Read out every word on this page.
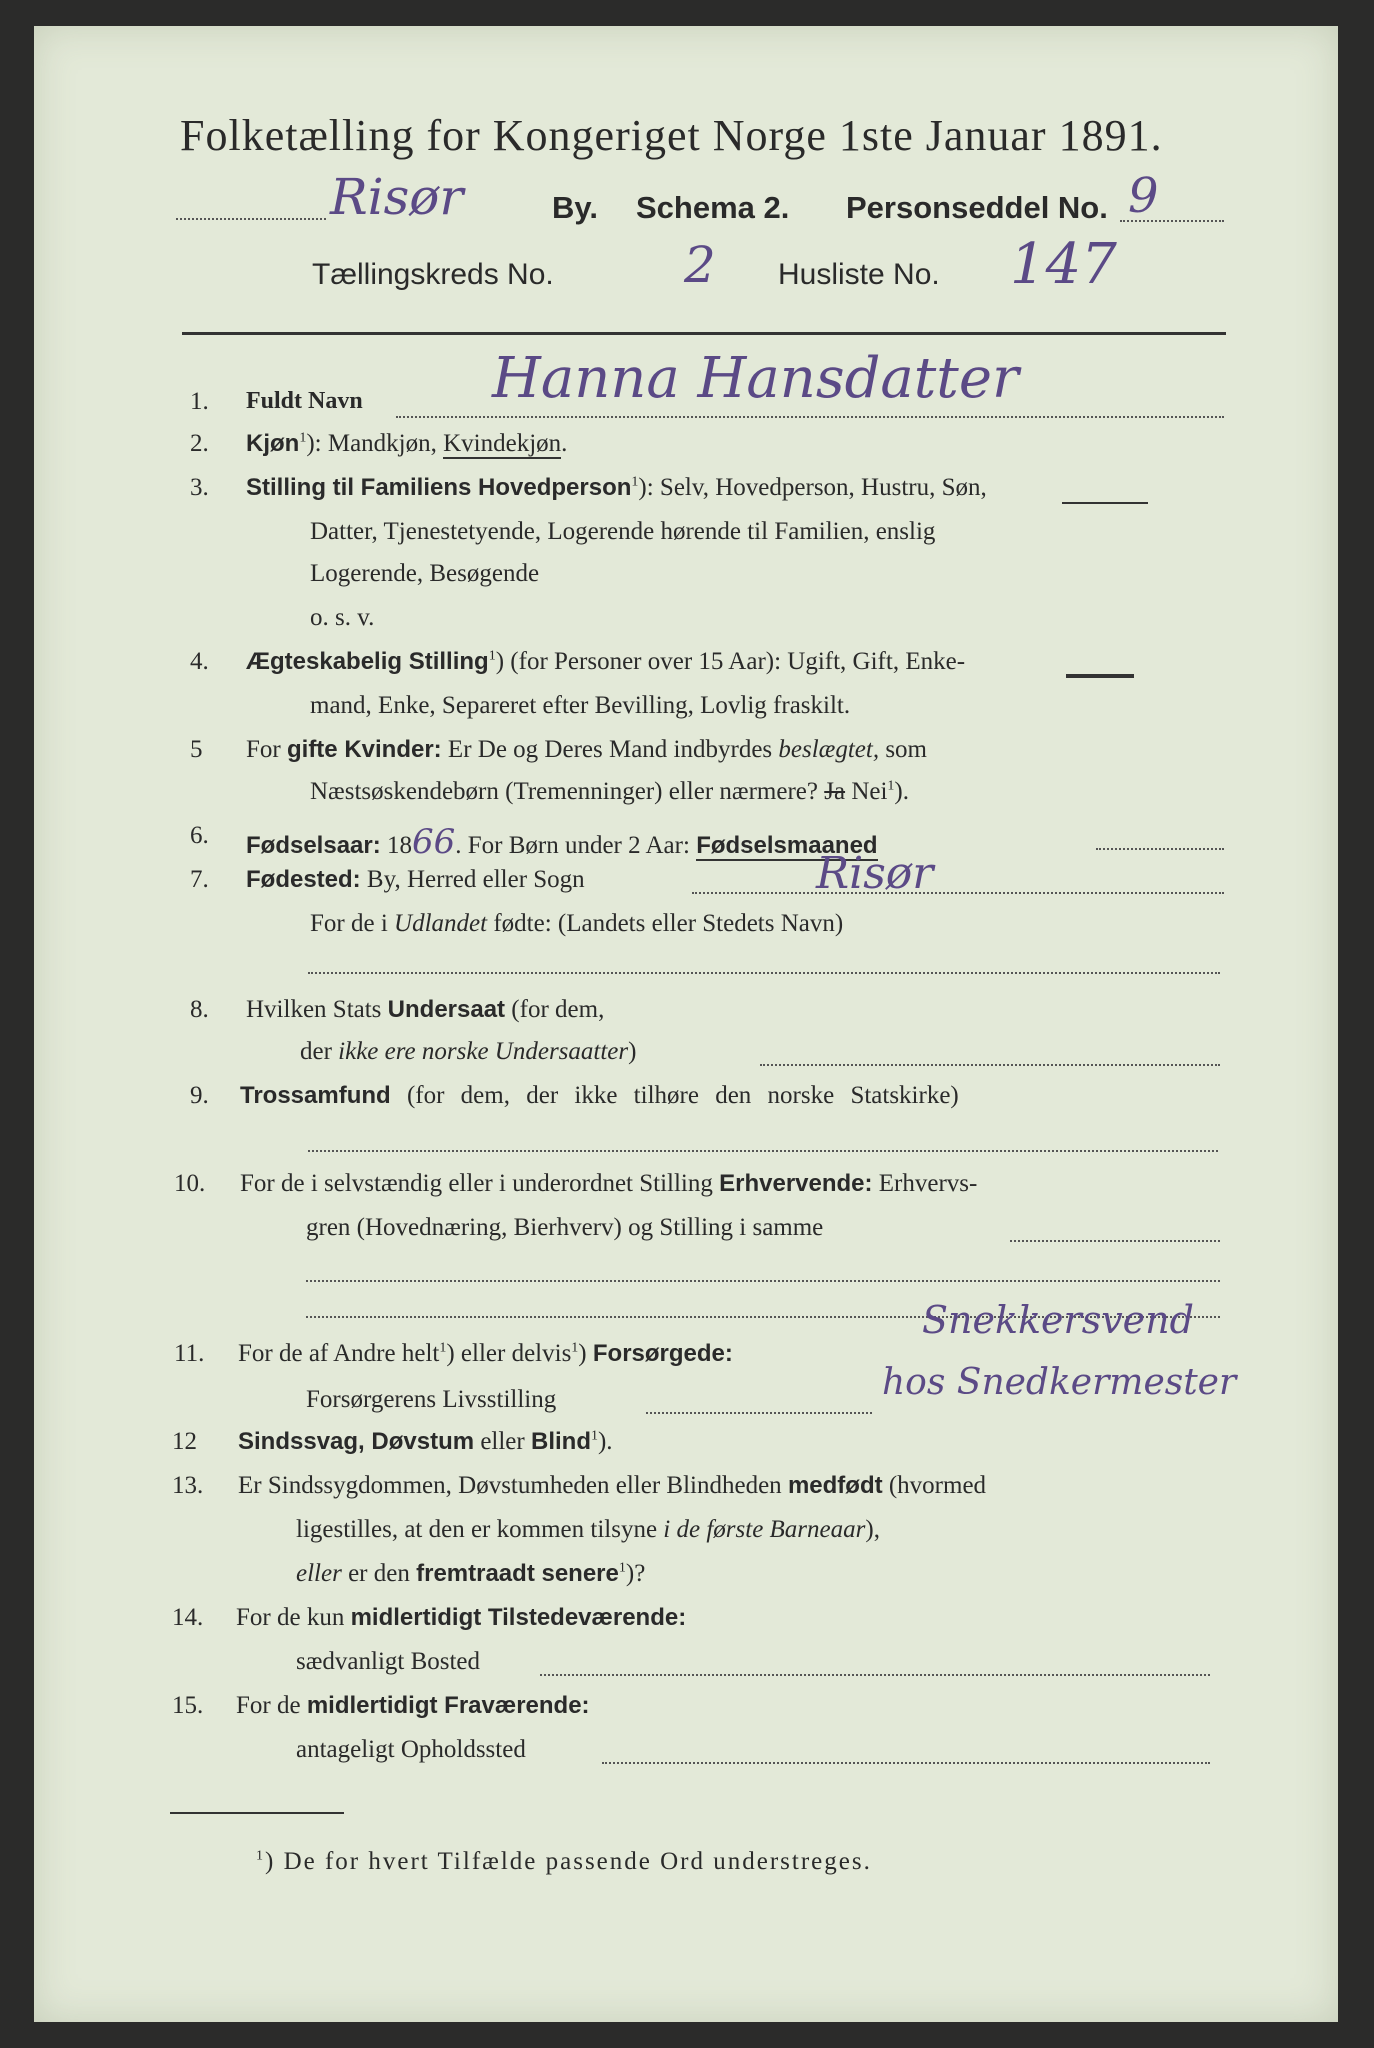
Folketælling for Kongeriget Norge 1ste Januar 1891.
Risør	By. Schema 2. Personseddel No. 9
Tællingskreds No.	2 Husliste No. 147
1. Fuldt Navn Hanna Hansdatter
2. Kjøn$^1$): Mandkjøn, Kvindekjøn.
3. Stilling til Familiens Hovedperson$^1$): Selv, Hovedperson, Hustru, Søn,
Datter, Tjenestetyende, Logerende hørende til Familien, enslig
Logerende, Besøgende
o. s. v.
4. Ægteskabelig Stilling$^1$) (for Personer over 15 Aar): Ugift, Gift, Enke-
mand, Enke, Separeret efter Bevilling, Lovlig fraskilt.
5 For gifte Kvinder: Er De og Deres Mand indbyrdes beslægtet, som
Næstsøskendebørn (Tremenninger) eller nærmere? Ja Nei$^1$).
6. Fødselsaar: 1866. For Børn under 2 Aar: Fødselsmaaned
7. Fødested: By, Herred eller Sogn	Risør
For de i Udlandet fødte: (Landets eller Stedets Navn)
8. Hvilken Stats Undersaat (for dem,
der ikke ere norske Undersaatter)
9. Trossamfund (for dem, der ikke tilhøre den norske Statskirke)
10. For de i selvstændig eller i underordnet Stilling Erhvervende: Erhvervs-
gren (Hovednæring, Bierhverv) og Stilling i samme
11. For de af Andre helt$^1$) eller delvis$^1$) Forsørgede:
Snekkersvend
Forsørgerens Livsstilling	hos Snedkermester
12 Sindssvag, Døvstum eller Blind$^1$).
13. Er Sindssygdommen, Døvstumheden eller Blindheden medfødt (hvormed
ligestilles, at den er kommen tilsyne i de første Barneaar),
eller er den fremtraadt senere$^1$)?
14. For de kun midlertidigt Tilstedeværende:
sædvanligt Bosted
15. For de midlertidigt Fraværende:
antageligt Opholdssted
$^1$) De for hvert Tilfælde passende Ord understreges.
